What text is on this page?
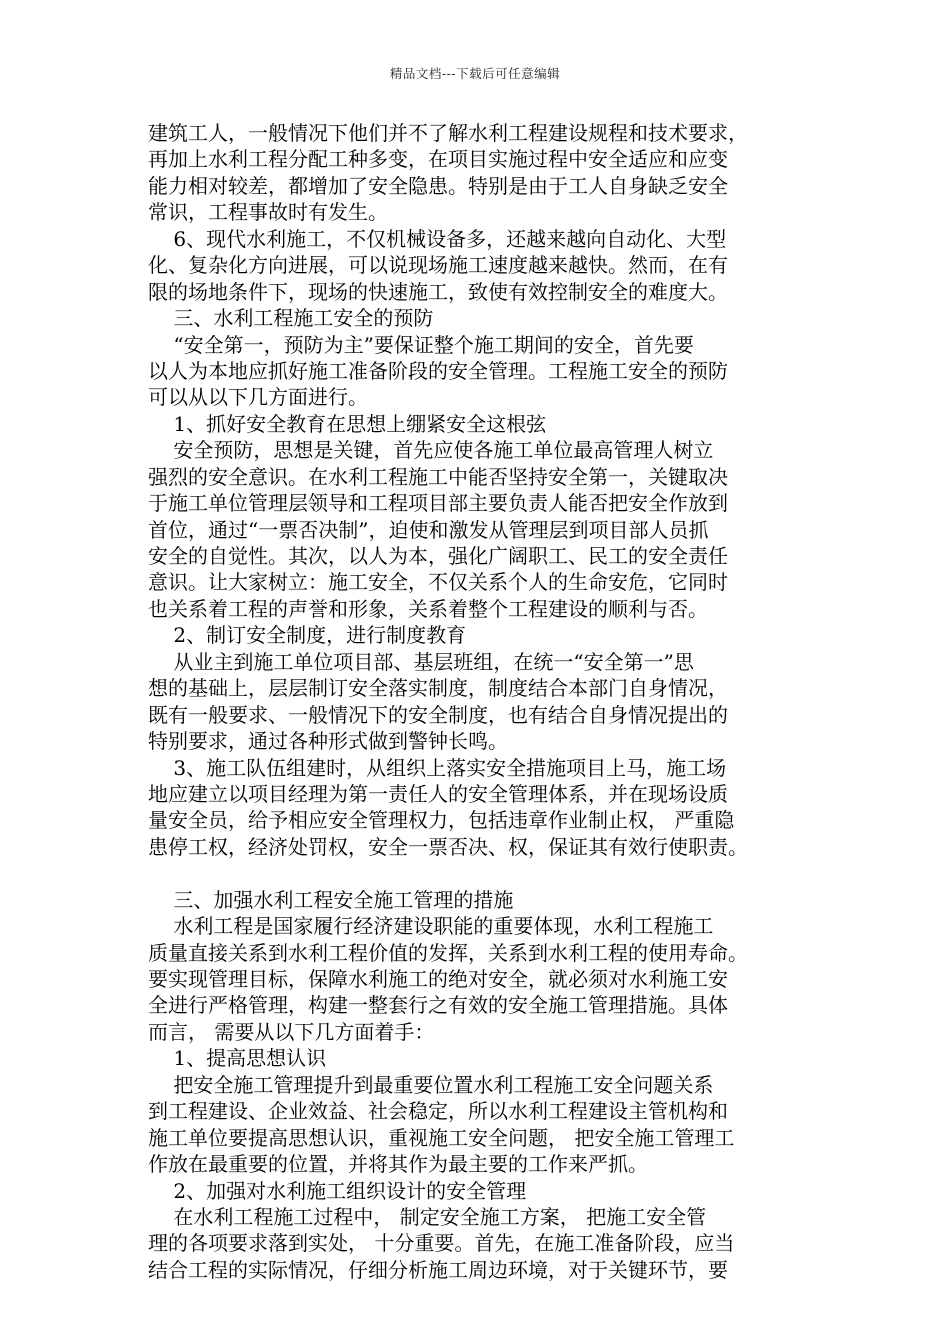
精品文档---下载后可任意编辑
建筑工人，一般情况下他们并不了解水利工程建设规程和技术要求，
再加上水利工程分配工种多变，在项目实施过程中安全适应和应变
能力相对较差，都增加了安全隐患。特别是由于工人自身缺乏安全
常识，工程事故时有发生。
6、现代水利施工，不仅机械设备多，还越来越向自动化、大型
化、复杂化方向进展，可以说现场施工速度越来越快。然而，在有
限的场地条件下，现场的快速施工，致使有效控制安全的难度大。
三、水利工程施工安全的预防
“安全第一，预防为主”要保证整个施工期间的安全，首先要
以人为本地应抓好施工准备阶段的安全管理。工程施工安全的预防
可以从以下几方面进行。
1、抓好安全教育在思想上绷紧安全这根弦
安全预防，思想是关键，首先应使各施工单位最高管理人树立
强烈的安全意识。在水利工程施工中能否坚持安全第一，关键取决
于施工单位管理层领导和工程项目部主要负责人能否把安全作放到
首位，通过“一票否决制”，迫使和激发从管理层到项目部人员抓
安全的自觉性。其次，以人为本，强化广阔职工、民工的安全责任
意识。让大家树立：施工安全，不仅关系个人的生命安危，它同时
也关系着工程的声誉和形象，关系着整个工程建设的顺利与否。
2、制订安全制度，进行制度教育
从业主到施工单位项目部、基层班组，在统一“安全第一”思
想的基础上，层层制订安全落实制度，制度结合本部门自身情况，
既有一般要求、一般情况下的安全制度，也有结合自身情况提出的
特别要求，通过各种形式做到警钟长鸣。
3、施工队伍组建时，从组织上落实安全措施项目上马，施工场
地应建立以项目经理为第一责任人的安全管理体系，并在现场设质
量安全员，给予相应安全管理权力，包括违章作业制止权， 严重隐
患停工权，经济处罚权，安全一票否决、权，保证其有效行使职责。
三、加强水利工程安全施工管理的措施
水利工程是国家履行经济建设职能的重要体现，水利工程施工
质量直接关系到水利工程价值的发挥，关系到水利工程的使用寿命。
要实现管理目标，保障水利施工的绝对安全，就必须对水利施工安
全进行严格管理，构建一整套行之有效的安全施工管理措施。具体
而言， 需要从以下几方面着手：
1、提高思想认识
把安全施工管理提升到最重要位置水利工程施工安全问题关系
到工程建设、企业效益、社会稳定，所以水利工程建设主管机构和
施工单位要提高思想认识，重视施工安全问题， 把安全施工管理工
作放在最重要的位置，并将其作为最主要的工作来严抓。
2、加强对水利施工组织设计的安全管理
在水利工程施工过程中， 制定安全施工方案， 把施工安全管
理的各项要求落到实处， 十分重要。首先，在施工准备阶段，应当
结合工程的实际情况，仔细分析施工周边环境，对于关键环节，要
